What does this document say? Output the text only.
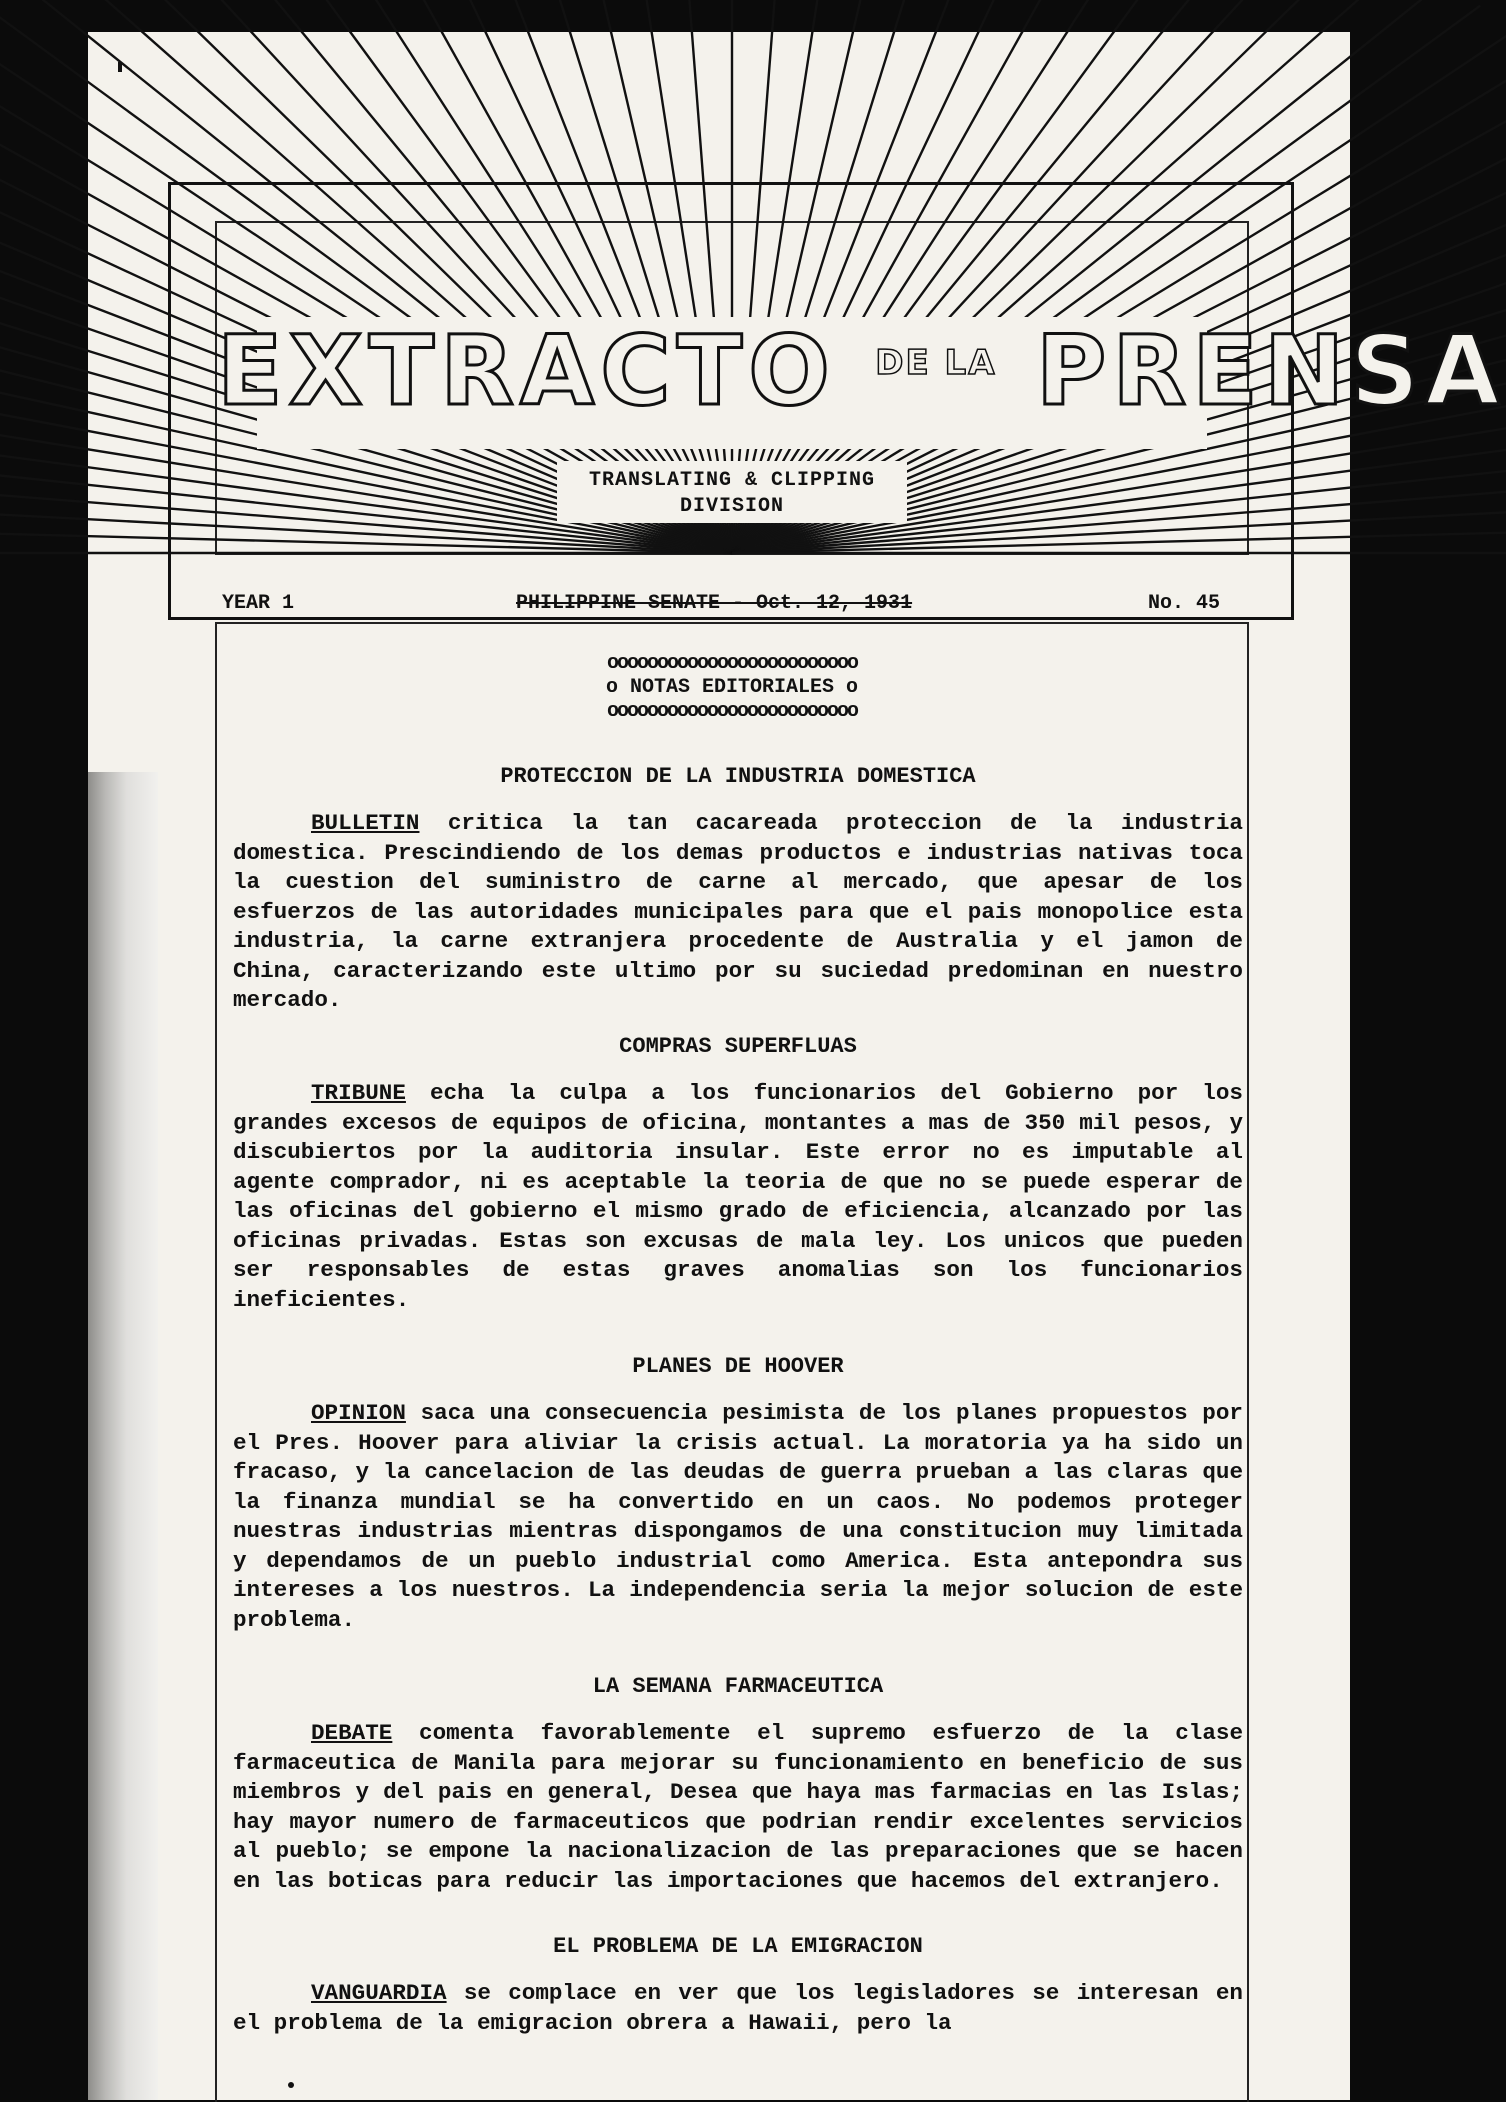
EXTRACTO $^{DE LA}$ PRENSA
TRANSLATING & CLIPPING
DIVISION
YEAR 1	PHILIPPINE SENATE - Oct. 12, 1931	No. 45
ooooooooooooooooooooooooo
o NOTAS EDITORIALES o
ooooooooooooooooooooooooo
PROTECCION DE LA INDUSTRIA DOMESTICA

BULLETIN critica la tan cacareada proteccion de la industria domestica. Prescindiendo de los demas productos e industrias nativas toca la cuestion del suministro de carne al mercado, que apesar de los esfuerzos de las autoridades municipales para que el pais monopolice esta industria, la carne extranjera procedente de Australia y el jamon de China, caracterizando este ultimo por su suciedad predominan en nuestro mercado.

COMPRAS SUPERFLUAS

TRIBUNE echa la culpa a los funcionarios del Gobierno por los grandes excesos de equipos de oficina, montantes a mas de 350 mil pesos, y discubiertos por la auditoria insular. Este error no es imputable al agente comprador, ni es aceptable la teoria de que no se puede esperar de las oficinas del gobierno el mismo grado de eficiencia, alcanzado por las oficinas privadas. Estas son excusas de mala ley. Los unicos que pueden ser responsables de estas graves anomalias son los funcionarios ineficientes.

PLANES DE HOOVER

OPINION saca una consecuencia pesimista de los planes propuestos por el Pres. Hoover para aliviar la crisis actual. La moratoria ya ha sido un fracaso, y la cancelacion de las deudas de guerra prueban a las claras que la finanza mundial se ha convertido en un caos. No podemos proteger nuestras industrias mientras dispongamos de una constitucion muy limitada y dependamos de un pueblo industrial como America. Esta antepondra sus intereses a los nuestros. La independencia seria la mejor solucion de este problema.

LA SEMANA FARMACEUTICA

DEBATE comenta favorablemente el supremo esfuerzo de la clase farmaceutica de Manila para mejorar su funcionamiento en beneficio de sus miembros y del pais en general, Desea que haya mas farmacias en las Islas; hay mayor numero de farmaceuticos que podrian rendir excelentes servicios al pueblo; se empone la nacionalizacion de las preparaciones que se hacen en las boticas para reducir las importaciones que hacemos del extranjero.

EL PROBLEMA DE LA EMIGRACION

VANGUARDIA se complace en ver que los legisladores se interesan en el problema de la emigracion obrera a Hawaii, pero la
